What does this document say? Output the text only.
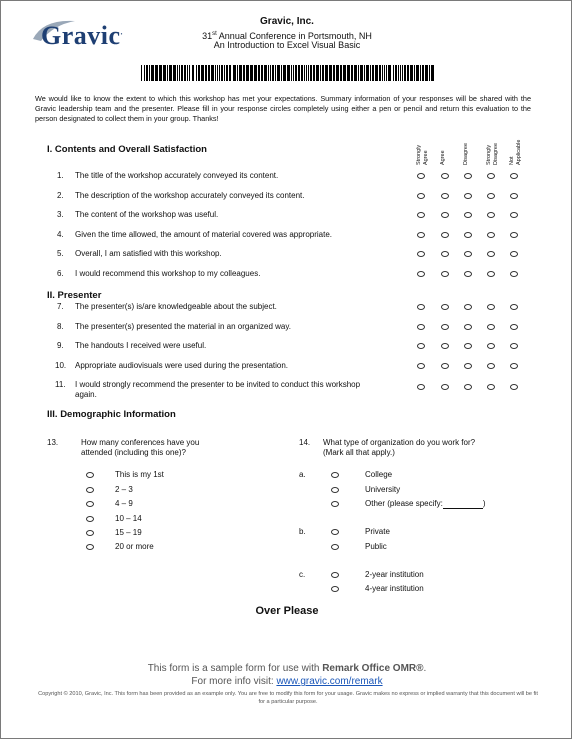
Gravic.
Gravic, Inc.
31st Annual Conference in Portsmouth, NH
An Introduction to Excel Visual Basic
We would like to know the extent to which this workshop has met your expectations. Summary information of your responses will be shared with the Gravic leadership team and the presenter. Please fill in your response circles completely using either a pen or pencil and return this evaluation to the person designated to collect them in your group. Thanks!
I. Contents and Overall Satisfaction	Strongly Agree Agree	Disagree	Strongly Disagree Not Applicable
1. The title of the workshop accurately conveyed its content.
2. The description of the workshop accurately conveyed its content.
3. The content of the workshop was useful.
4. Given the time allowed, the amount of material covered was appropriate.
5. Overall, I am satisfied with this workshop.
6. I would recommend this workshop to my colleagues.
II. Presenter
7. The presenter(s) is/are knowledgeable about the subject.
8. The presenter(s) presented the material in an organized way.
9. The handouts I received were useful.
10. Appropriate audiovisuals were used during the presentation.
11. I would strongly recommend the presenter to be invited to conduct this workshop again.
III. Demographic Information
13.	How many conferences have you attended (including this one)?
This is my 1st
2 – 3
4 – 9
10 – 14
15 – 19
20 or more
14. What type of organization do you work for? (Mark all that apply.)
a.	College
University
Other (please specify:	)
b.	Private
Public
c.	2-year institution
4-year institution
Over Please
This form is a sample form for use with Remark Office OMR®.
For more info visit: www.gravic.com/remark
Copyright © 2010, Gravic, Inc. This form has been provided as an example only. You are free to modify this form for your usage. Gravic makes no express or implied warranty that this document will be fit for a particular purpose.
